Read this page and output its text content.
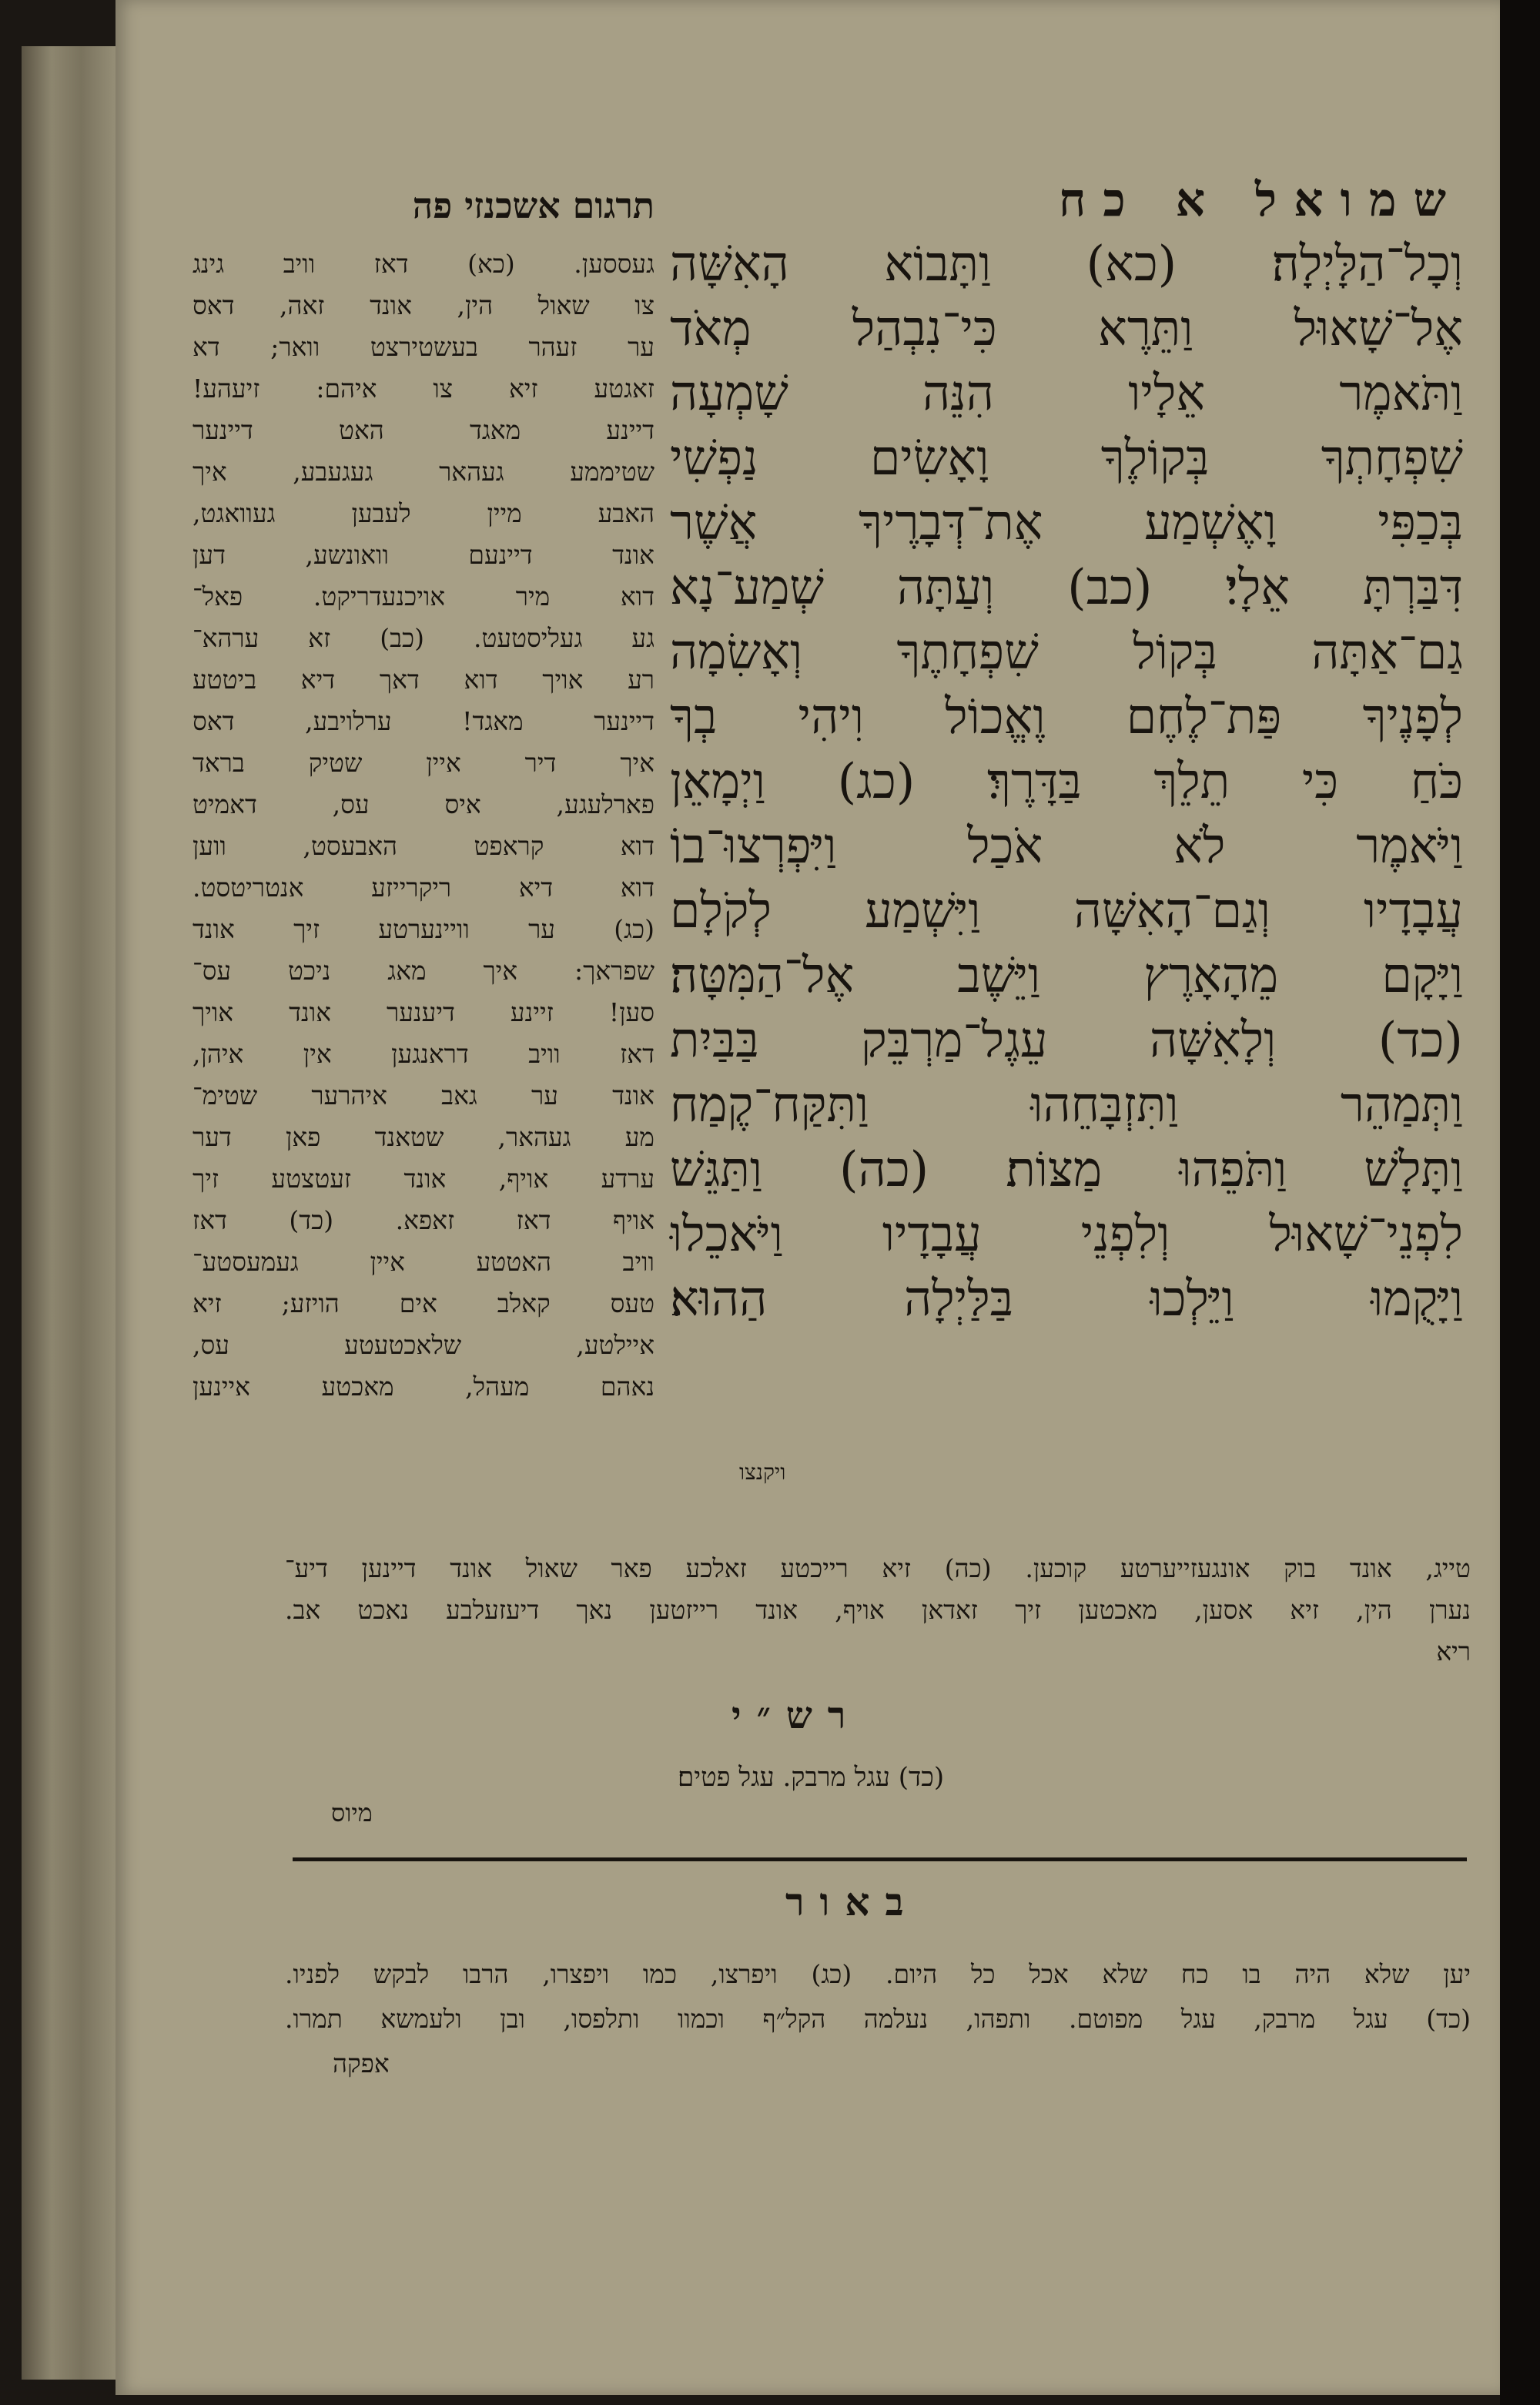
שמואל א כח
וְכָל־הַלָּיְלָה׃ (כא) וַתָּבוֹא הָאִשָּׁה
אֶל־שָׁאוּל וַתֵּרֶא כִּי־נִבְהַל מְאֹד
וַתֹּאמֶר אֵלָיו הִנֵּה שָׁמְעָה
שִׁפְחָתְךָ בְּקוֹלֶךָ וָאָשִׂים נַפְשִׁי
בְּכַפִּי וָאֶשְׁמַע אֶת־דְּבָרֶיךָ אֲשֶׁר
דִּבַּרְתָּ אֵלָי׃ (כב) וְעַתָּה שְׁמַע־נָא
גַם־אַתָּה בְּקוֹל שִׁפְחָתֶךָ וְאָשִׂמָה
לְפָנֶיךָ פַּת־לֶחֶם וֶאֱכוֹל וִיהִי בְךָ
כֹּחַ כִּי תֵלֵךְ בַּדָּרֶךְ׃ (כג) וַיְמָאֵן
וַיֹּאמֶר לֹא אֹכַל וַיִּפְרְצוּ־בוֹ
עֲבָדָיו וְגַם־הָאִשָּׁה וַיִּשְׁמַע לְקֹלָם
וַיָּקָם מֵהָאָרֶץ וַיֵּשֶׁב אֶל־הַמִּטָּה׃
(כד) וְלָאִשָּׁה עֵגֶל־מַרְבֵּק בַּבַּיִת
וַתְּמַהֵר וַתִּזְבָּחֵהוּ וַתִּקַּח־קֶמַח
וַתָּלָשׁ וַתֹּפֵהוּ מַצּוֹת׃ (כה) וַתַּגֵּשׁ
לִפְנֵי־שָׁאוּל וְלִפְנֵי עֲבָדָיו וַיֹּאכֵלוּ
וַיָּקֻמוּ וַיֵּלְכוּ בַּלַּיְלָה הַהוּא׃
תרגום אשכנזי פה
געססען. (כא) דאז וויב גינג
צו שאול הין, אונד זאה, דאס
ער זעהר בעשטירצט וואר; דא
זאגטע זיא צו איהם: זיעהע!
דיינע מאגד האט דיינער
שטיממע געהאר געגעבע, איך
האבע מיין לעבען געוואגט,
אונד דיינעם וואונשע, דען
דוא מיר אויכנעדריקט. פאל־
גע געליסטעט. (כב) זא ערהא־
רע אויך דוא דאך דיא ביטטע
דיינער מאגד! ערלויבע, דאס
איך דיר איין שטיק בראד
פארלעגע, איס עס, דאמיט
דוא קראפט האבעסט, ווען
דוא דיא ריקרייזע אנטריטסט.
(כג) ער וויינערטע זיך אונד
שפראך: איך מאג ניכט עס־
סען! זיינע דיענער אונד אויך
דאז וויב דראנגען אין איהן,
אונד ער גאב איהרער שטימ־
מע געהאר, שטאנד פאן דער
ערדע אויף, אונד זעטצטע זיך
אויף דאז זאפא. (כד) דאז
וויב האטטע איין געמעסטע־
טעס קאלב אים הויזע; זיא
איילטע, שלאכטעטע עס,
נאהם מעהל, מאכטע איינען
ויקנצו
טייג, אונד בוק אונגעזייערטע קוכען. (כה) זיא רייכטע זאלכע פאר שאול אונד דיינען דיע־
נערן הין, זיא אסען, מאכטען זיך זאדאן אויף, אונד רייזטען נאך דיעזעלבע נאכט אב.
ריא
רש״י
(כד) עגל מרבק. עגל פטים׃
מיוס
באור
יען שלא היה בו כח שלא אכל כל היום. (כג) ויפרצו, כמו ויפצרו, הרבו לבקש לפניו.
(כד) עגל מרבק, עגל מפוטם. ותפהו, נעלמה הקל״ף וכמוו ותלפסו, ובן ולעמשא תמרו.
אפקה
